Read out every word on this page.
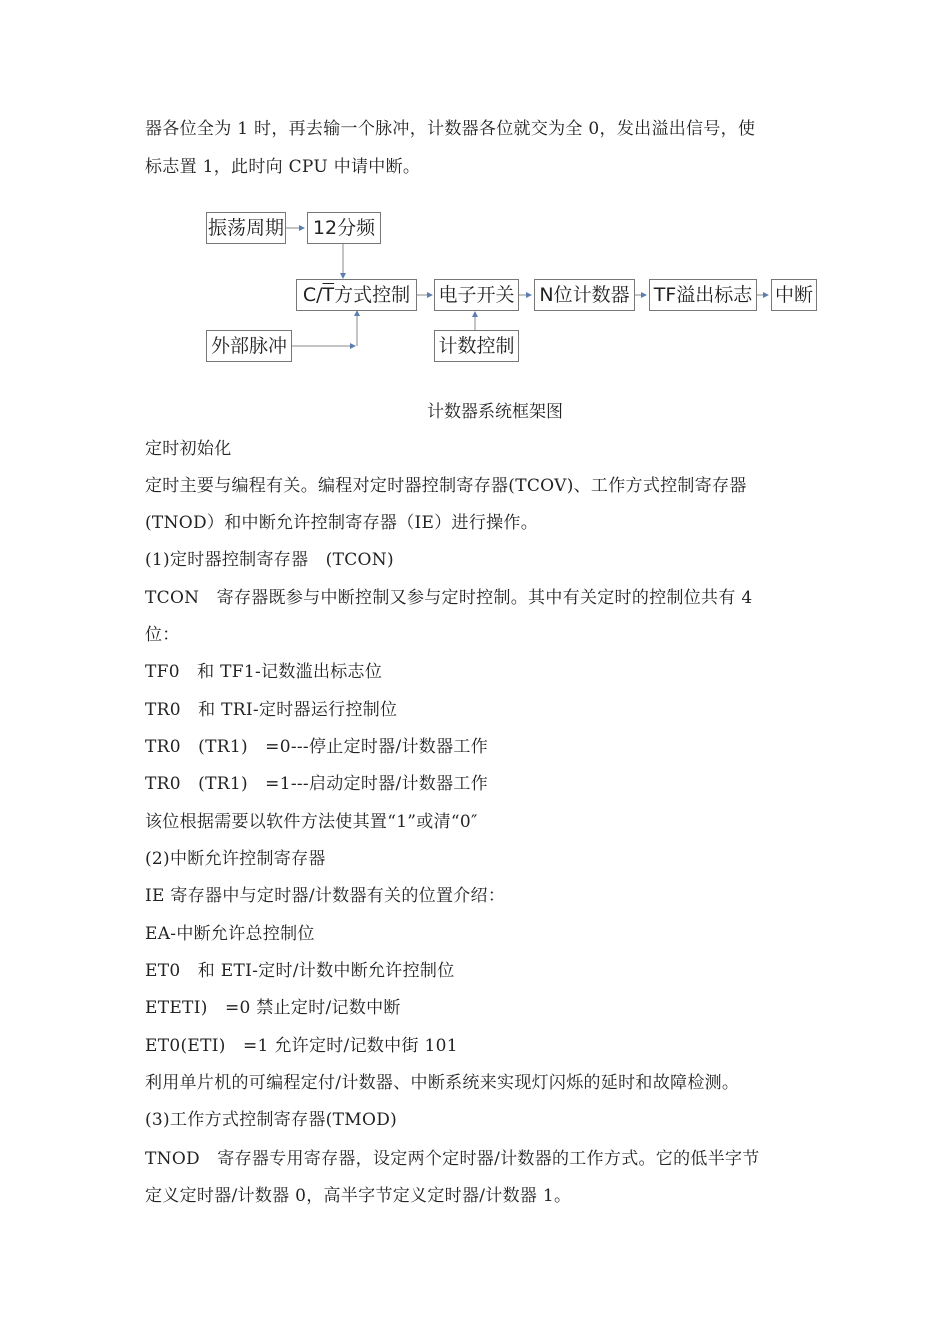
器各位全为 1 时，再去输一个脉冲，计数器各位就交为全 0，发出溢出信号，使
标志置 1，此时向 CPU 中请中断。
振荡周期	12分频
$C/\overline{T}$方式控制	电子开关 N位计数器 TF溢出标志 中断
外部脉冲	计数控制
计数器系统框架图
定时初始化
定时主要与编程有关。编程对定时器控制寄存器(TCOV)、工作方式控制寄存器
(TNOD）和中断允许控制寄存器（IE）进行操作。
(1)定时器控制寄存器　(TCON)
TCON　寄存器既参与中断控制又参与定时控制。其中有关定时的控制位共有 4
位：
TF0　和 TF1-记数滥出标志位
TR0　和 TRI-定时器运行控制位
TR0　(TR1)　=0---停止定时器/计数器工作
TR0　(TR1)　=1---启动定时器/计数器工作
该位根据需要以软件方法使其置“1”或清“0″
(2)中断允许控制寄存器
IE 寄存器中与定时器/计数器有关的位置介绍：
EA-中断允许总控制位
ET0　和 ETI-定时/计数中断允许控制位
ETETI)　=0 禁止定时/记数中断
ET0(ETI)　=1 允许定时/记数中街 101
利用单片机的可编程定付/计数器、中断系统来实现灯闪烁的延时和故障检测。
(3)工作方式控制寄存器(TMOD)
TNOD　寄存器专用寄存器，设定两个定时器/计数器的工作方式。它的低半字节
定义定时器/计数器 0，高半字节定义定时器/计数器 1。
